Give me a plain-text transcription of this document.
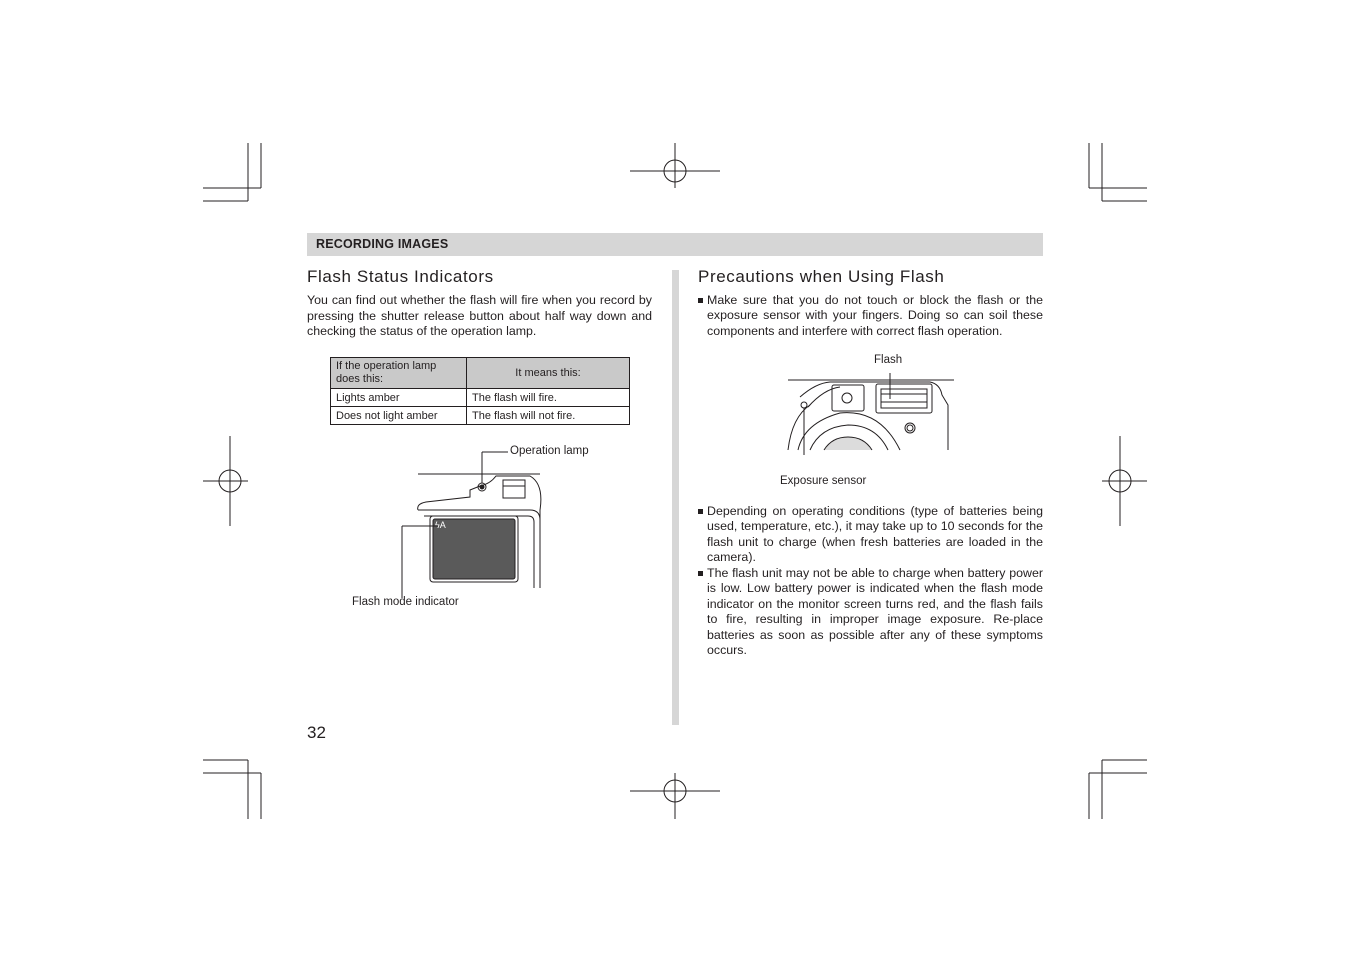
RECORDING IMAGES
Flash Status Indicators

You can find out whether the flash will fire when you record by pressing the shutter release button about half way down and checking the status of the operation lamp.

If the operation lamp does this:	It means this:
Lights amber	The flash will fire.
Does not light amber	The flash will not fire.
ϟA
Operation lamp
Flash mode indicator
Precautions when Using Flash
Make sure that you do not touch or block the flash or the exposure sensor with your fingers. Doing so can soil these components and interfere with correct flash operation.
Flash
Exposure sensor
Depending on operating conditions (type of batteries being used, temperature, etc.), it may take up to 10 seconds for the flash unit to charge (when fresh batteries are loaded in the camera).
The flash unit may not be able to charge when battery power is low. Low battery power is indicated when the flash mode indicator on the monitor screen turns red, and the flash fails to fire, resulting in improper image exposure. Re-place batteries as soon as possible after any of these symptoms occurs.
32
